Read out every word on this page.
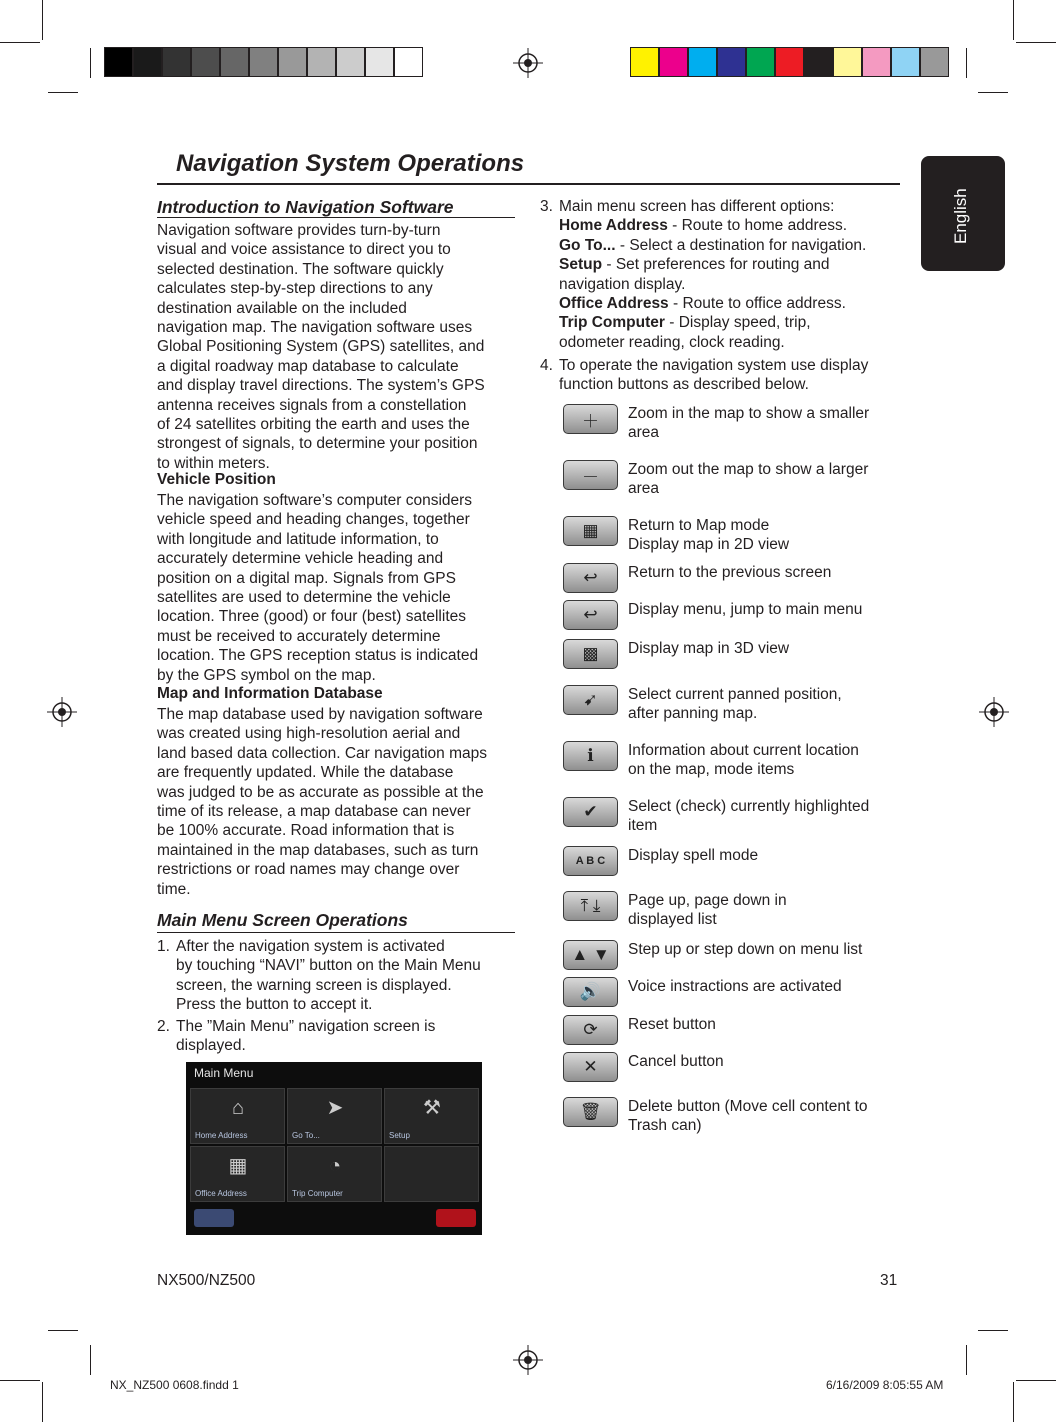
English
Navigation System Operations
Introduction to Navigation Software
Navigation software provides turn-by-turn
visual and voice assistance to direct you to
selected destination. The software quickly
calculates step-by-step directions to any
destination available on the included
navigation map. The navigation software uses
Global Positioning System (GPS) satellites, and
a digital roadway map database to calculate
and display travel directions. The system’s GPS
antenna receives signals from a constellation
of 24 satellites orbiting the earth and uses the
strongest of signals, to determine your position
to within meters.
Vehicle Position
The navigation software’s computer considers
vehicle speed and heading changes, together
with longitude and latitude information, to
accurately determine vehicle heading and
position on a digital map. Signals from GPS
satellites are used to determine the vehicle
location. Three (good) or four (best) satellites
must be received to accurately determine
location. The GPS reception status is indicated
by the GPS symbol on the map.
Map and Information Database
The map database used by navigation software
was created using high-resolution aerial and
land based data collection. Car navigation maps
are frequently updated. While the database
was judged to be as accurate as possible at the
time of its release, a map database can never
be 100% accurate. Road information that is
maintained in the map databases, such as turn
restrictions or road names may change over
time.
Main Menu Screen Operations
1. After the navigation system is activated
by touching “NAVI” button on the Main Menu
screen, the warning screen is displayed.
Press the button to accept it.
2. The ”Main Menu” navigation screen is
displayed.
Main Menu
⌂
Home Address
➤
Go To...
⚒
Setup
▦
Office Address
◔
Trip Computer
3. Main menu screen has different options:
Home Address - Route to home address.
Go To... - Select a destination for navigation.
Setup - Set preferences for routing and
navigation display.
Office Address - Route to office address.
Trip Computer - Display speed, trip,
odometer reading, clock reading.
4. To operate the navigation system use display
function buttons as described below.
＋	Zoom in the map to show a smaller
area
－	Zoom out the map to show a larger
area
▦	Return to Map mode
Display map in 2D view
↩	Return to the previous screen
↩	Display menu, jump to main menu
▩	Display map in 3D view
➹	Select current panned position,
after panning map.
ℹ	Information about current location
on the map, mode items
✔	Select (check) currently highlighted
item
A B C	Display spell mode
⤒ ⤓	Page up, page down in
displayed list
▲ ▼	Step up or step down on menu list
🔊	Voice instractions are activated
⟳	Reset button
✕	Cancel button
🗑	Delete button (Move cell content to
Trash can)
NX500/NZ500	31
NX_NZ500 0608.findd 1	6/16/2009 8:05:55 AM
